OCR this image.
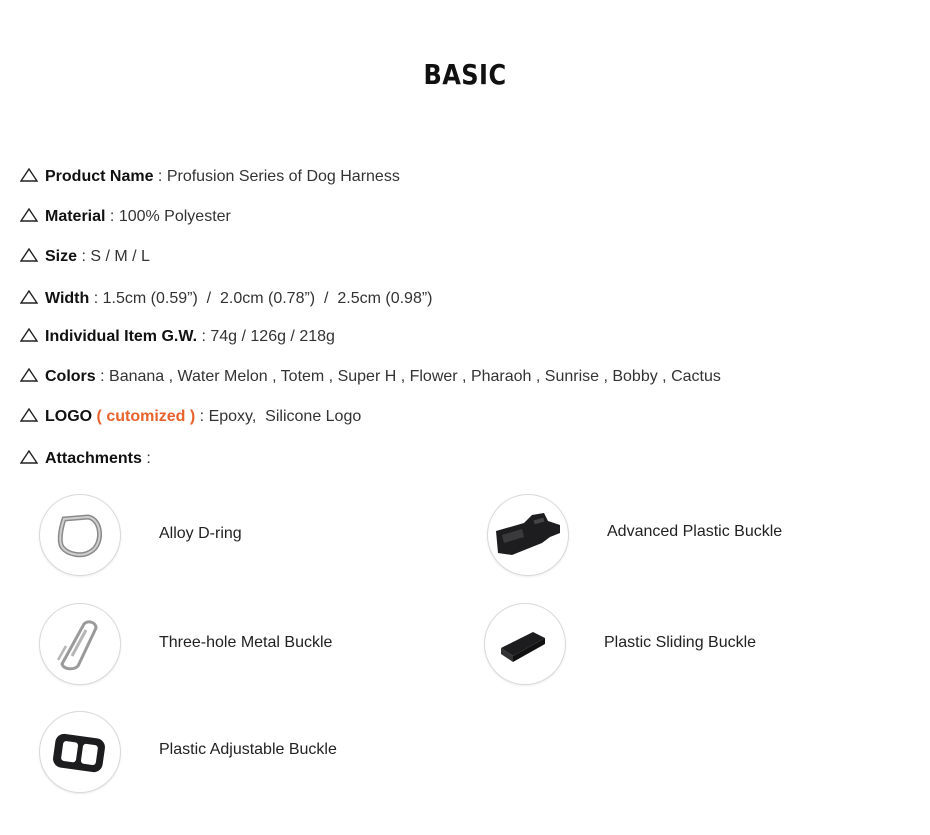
BASIC
Product Name : Profusion Series of Dog Harness
Material : 100% Polyester
Size : S / M / L
Width : 1.5cm (0.59”)  /  2.0cm (0.78”)  /  2.5cm (0.98”)
Individual Item G.W. : 74g / 126g / 218g
Colors : Banana , Water Melon , Totem , Super H , Flower , Pharaoh , Sunrise , Bobby , Cactus
LOGO ( cutomized ) : Epoxy,  Silicone Logo
Attachments :
Alloy D-ring	Advanced Plastic Buckle
Three-hole Metal Buckle	Plastic Sliding Buckle
Plastic Adjustable Buckle
